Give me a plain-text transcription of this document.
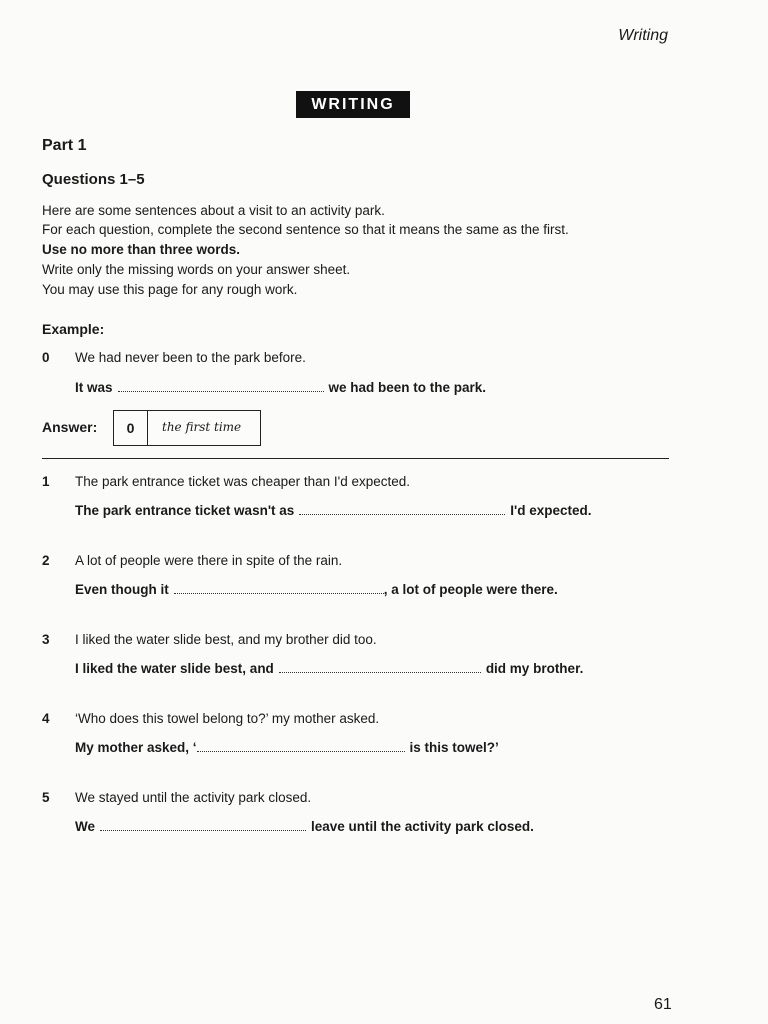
Writing
WRITING
Part 1
Questions 1–5
Here are some sentences about a visit to an activity park.
For each question, complete the second sentence so that it means the same as the first.
Use no more than three words.
Write only the missing words on your answer sheet.
You may use this page for any rough work.
Example:
0 We had never been to the park before.
It was	we had been to the park.
Answer:	0	the first time
1 The park entrance ticket was cheaper than I'd expected.
The park entrance ticket wasn't as	I'd expected.
2 A lot of people were there in spite of the rain.
Even though it	, a lot of people were there.
3 I liked the water slide best, and my brother did too.
I liked the water slide best, and	did my brother.
4 ‘Who does this towel belong to?’ my mother asked.
My mother asked, ‘	is this towel?’
5 We stayed until the activity park closed.
We	leave until the activity park closed.
61
